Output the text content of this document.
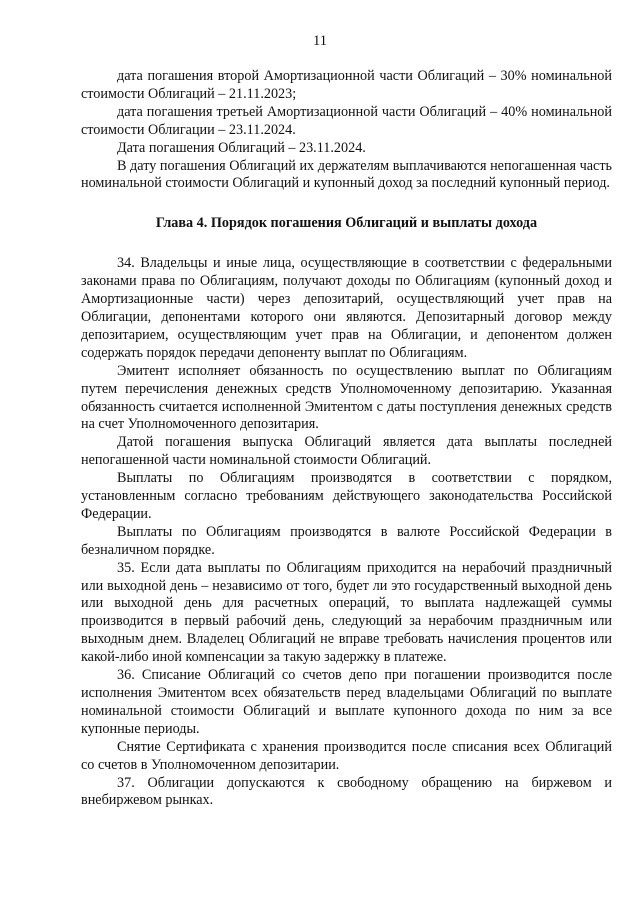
11

дата погашения второй Амортизационной части Облигаций – 30% номинальной стоимости Облигаций – 21.11.2023;

дата погашения третьей Амортизационной части Облигаций – 40% номинальной стоимости Облигации – 23.11.2024.

Дата погашения Облигаций – 23.11.2024.

В дату погашения Облигаций их держателям выплачиваются непогашенная часть номинальной стоимости Облигаций и купонный доход за последний купонный период.

Глава 4. Порядок погашения Облигаций и выплаты дохода

34. Владельцы и иные лица, осуществляющие в соответствии с федеральными законами права по Облигациям, получают доходы по Облигациям (купонный доход и Амортизационные части) через депозитарий, осуществляющий учет прав на Облигации, депонентами которого они являются. Депозитарный договор между депозитарием, осуществляющим учет прав на Облигации, и депонентом должен содержать порядок передачи депоненту выплат по Облигациям.

Эмитент исполняет обязанность по осуществлению выплат по Облигациям путем перечисления денежных средств Уполномоченному депозитарию. Указанная обязанность считается исполненной Эмитентом с даты поступления денежных средств на счет Уполномоченного депозитария.

Датой погашения выпуска Облигаций является дата выплаты последней непогашенной части номинальной стоимости Облигаций.

Выплаты по Облигациям производятся в соответствии с порядком, установленным согласно требованиям действующего законодательства Российской Федерации.

Выплаты по Облигациям производятся в валюте Российской Федерации в безналичном порядке.

35. Если дата выплаты по Облигациям приходится на нерабочий праздничный или выходной день – независимо от того, будет ли это государственный выходной день или выходной день для расчетных операций, то выплата надлежащей суммы производится в первый рабочий день, следующий за нерабочим праздничным или выходным днем. Владелец Облигаций не вправе требовать начисления процентов или какой-либо иной компенсации за такую задержку в платеже.

36. Списание Облигаций со счетов депо при погашении производится после исполнения Эмитентом всех обязательств перед владельцами Облигаций по выплате номинальной стоимости Облигаций и выплате купонного дохода по ним за все купонные периоды.

Снятие Сертификата с хранения производится после списания всех Облигаций со счетов в Уполномоченном депозитарии.

37. Облигации допускаются к свободному обращению на биржевом и внебиржевом рынках.
